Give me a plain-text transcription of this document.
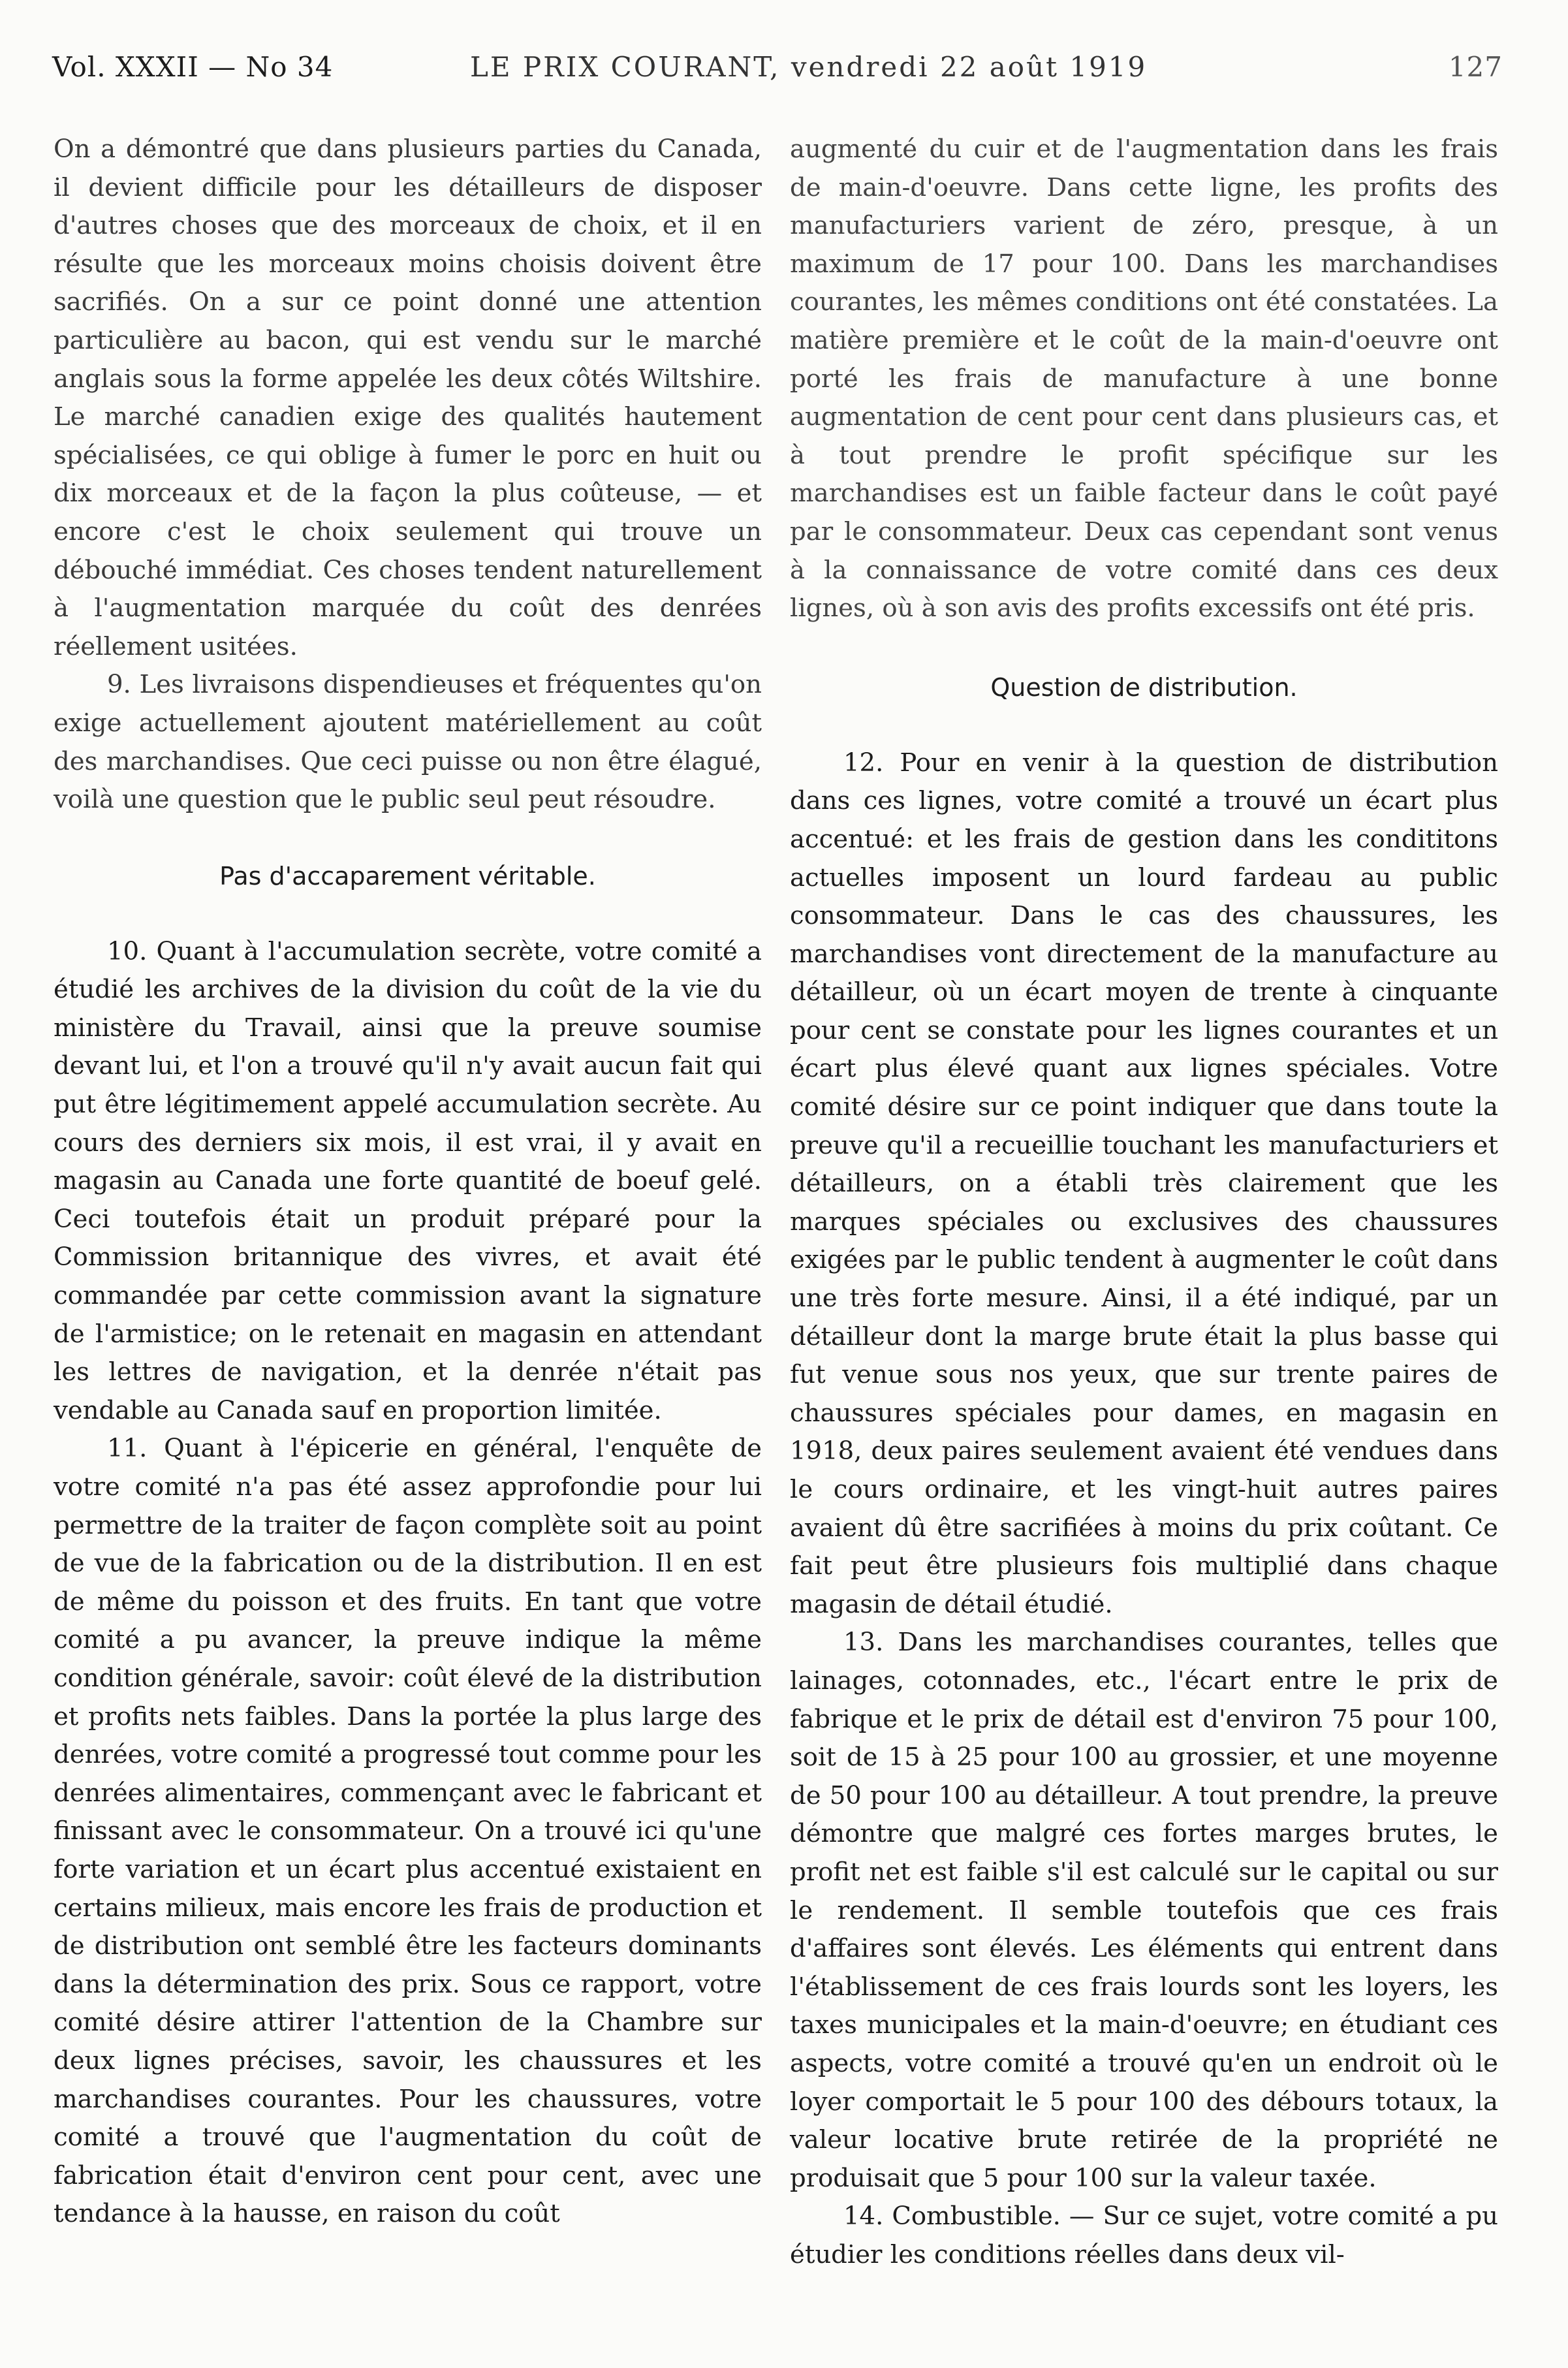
Vol. XXXII — No 34	LE PRIX COURANT, vendredi 22 août 1919	127

On a démontré que dans plusieurs parties du Canada, il devient difficile pour les détailleurs de disposer d'autres choses que des morceaux de choix, et il en résulte que les morceaux moins choisis doivent être sacrifiés. On a sur ce point donné une attention particulière au bacon, qui est vendu sur le marché anglais sous la forme appelée les deux côtés Wiltshire. Le marché canadien exige des qualités hautement spécialisées, ce qui oblige à fumer le porc en huit ou dix morceaux et de la façon la plus coûteuse, — et encore c'est le choix seulement qui trouve un débouché immédiat. Ces choses tendent naturellement à l'augmentation marquée du coût des denrées réellement usitées.

9. Les livraisons dispendieuses et fréquentes qu'on exige actuellement ajoutent matériellement au coût des marchandises. Que ceci puisse ou non être élagué, voilà une question que le public seul peut résoudre.

Pas d'accaparement véritable.

10. Quant à l'accumulation secrète, votre comité a étudié les archives de la division du coût de la vie du ministère du Travail, ainsi que la preuve soumise devant lui, et l'on a trouvé qu'il n'y avait aucun fait qui put être légitimement appelé accumulation secrète. Au cours des derniers six mois, il est vrai, il y avait en magasin au Canada une forte quantité de boeuf gelé. Ceci toutefois était un produit préparé pour la Commission britannique des vivres, et avait été commandée par cette commission avant la signature de l'armistice; on le retenait en magasin en attendant les lettres de navigation, et la denrée n'était pas vendable au Canada sauf en proportion limitée.

11. Quant à l'épicerie en général, l'enquête de votre comité n'a pas été assez approfondie pour lui permettre de la traiter de façon complète soit au point de vue de la fabrication ou de la distribution. Il en est de même du poisson et des fruits. En tant que votre comité a pu avancer, la preuve indique la même condition générale, savoir: coût élevé de la distribution et profits nets faibles. Dans la portée la plus large des denrées, votre comité a progressé tout comme pour les denrées alimentaires, commençant avec le fabricant et finissant avec le consommateur. On a trouvé ici qu'une forte variation et un écart plus accentué existaient en certains milieux, mais encore les frais de production et de distribution ont semblé être les facteurs dominants dans la détermination des prix. Sous ce rapport, votre comité désire attirer l'attention de la Chambre sur deux lignes précises, savoir, les chaussures et les marchandises courantes. Pour les chaussures, votre comité a trouvé que l'augmentation du coût de fabrication était d'environ cent pour cent, avec une tendance à la hausse, en raison du coût

augmenté du cuir et de l'augmentation dans les frais de main-d'oeuvre. Dans cette ligne, les profits des manufacturiers varient de zéro, presque, à un maximum de 17 pour 100. Dans les marchandises courantes, les mêmes conditions ont été constatées. La matière première et le coût de la main-d'oeuvre ont porté les frais de manufacture à une bonne augmentation de cent pour cent dans plusieurs cas, et à tout prendre le profit spécifique sur les marchandises est un faible facteur dans le coût payé par le consommateur. Deux cas cependant sont venus à la connaissance de votre comité dans ces deux lignes, où à son avis des profits excessifs ont été pris.

Question de distribution.

12. Pour en venir à la question de distribution dans ces lignes, votre comité a trouvé un écart plus accentué: et les frais de gestion dans les condititons actuelles imposent un lourd fardeau au public consommateur. Dans le cas des chaussures, les marchandises vont directement de la manufacture au détailleur, où un écart moyen de trente à cinquante pour cent se constate pour les lignes courantes et un écart plus élevé quant aux lignes spéciales. Votre comité désire sur ce point indiquer que dans toute la preuve qu'il a recueillie touchant les manufacturiers et détailleurs, on a établi très clairement que les marques spéciales ou exclusives des chaussures exigées par le public tendent à augmenter le coût dans une très forte mesure. Ainsi, il a été indiqué, par un détailleur dont la marge brute était la plus basse qui fut venue sous nos yeux, que sur trente paires de chaussures spéciales pour dames, en magasin en 1918, deux paires seulement avaient été vendues dans le cours ordinaire, et les vingt-huit autres paires avaient dû être sacrifiées à moins du prix coûtant. Ce fait peut être plusieurs fois multiplié dans chaque magasin de détail étudié.

13. Dans les marchandises courantes, telles que lainages, cotonnades, etc., l'écart entre le prix de fabrique et le prix de détail est d'environ 75 pour 100, soit de 15 à 25 pour 100 au grossier, et une moyenne de 50 pour 100 au détailleur. A tout prendre, la preuve démontre que malgré ces fortes marges brutes, le profit net est faible s'il est calculé sur le capital ou sur le rendement. Il semble toutefois que ces frais d'affaires sont élevés. Les éléments qui entrent dans l'établissement de ces frais lourds sont les loyers, les taxes municipales et la main-d'oeuvre; en étudiant ces aspects, votre comité a trouvé qu'en un endroit où le loyer comportait le 5 pour 100 des débours totaux, la valeur locative brute retirée de la propriété ne produisait que 5 pour 100 sur la valeur taxée.

14. Combustible. — Sur ce sujet, votre comité a pu étudier les conditions réelles dans deux vil-
